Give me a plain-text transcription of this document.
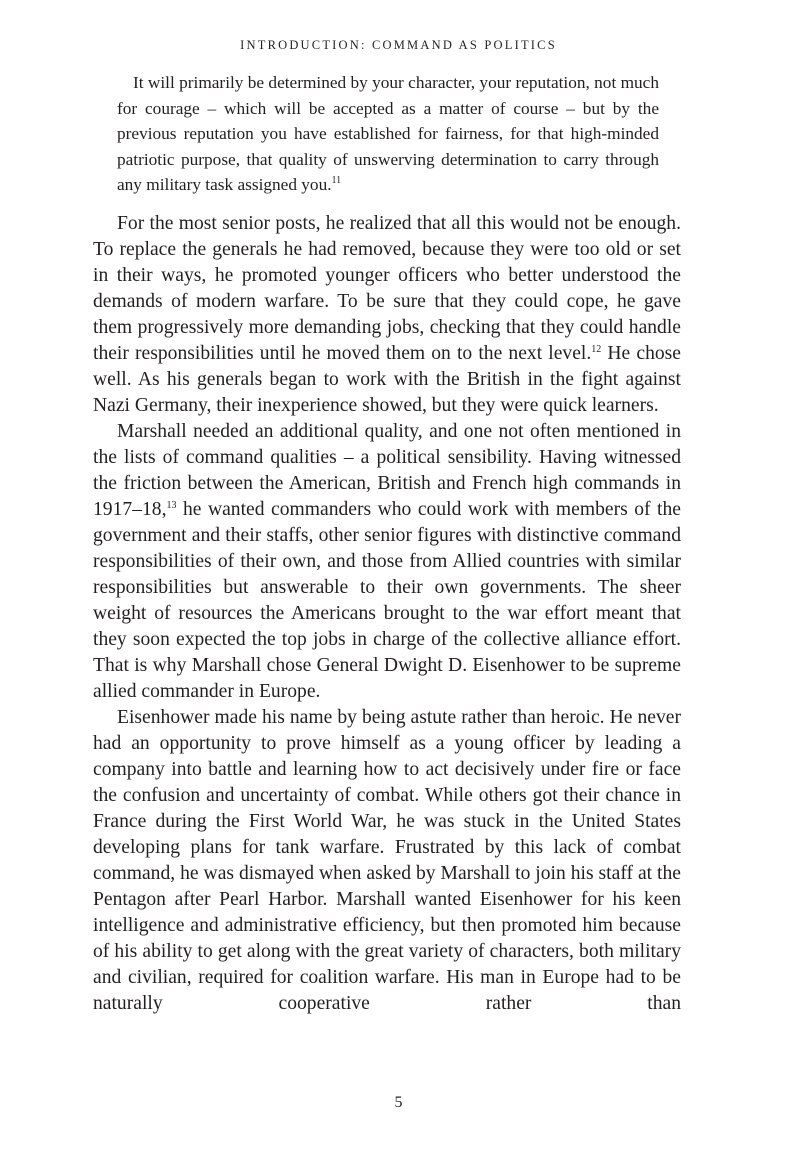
INTRODUCTION: COMMAND AS POLITICS

It will primarily be determined by your character, your reputation, not much for courage – which will be accepted as a matter of course – but by the previous reputation you have established for fairness, for that high-minded patriotic purpose, that quality of unswerving determination to carry through any military task assigned you.$^{11}$

For the most senior posts, he realized that all this would not be enough. To replace the generals he had removed, because they were too old or set in their ways, he promoted younger officers who better understood the demands of modern warfare. To be sure that they could cope, he gave them progressively more demanding jobs, checking that they could handle their responsibilities until he moved them on to the next level.$^{12}$ He chose well. As his generals began to work with the British in the fight against Nazi Germany, their inexperience showed, but they were quick learners.

Marshall needed an additional quality, and one not often mentioned in the lists of command qualities – a political sensibility. Having witnessed the friction between the American, British and French high commands in 1917–18,13 he wanted commanders who could work with members of the government and their staffs, other senior figures with distinctive command responsibilities of their own, and those from Allied countries with similar responsibilities but answerable to their own governments. The sheer weight of resources the Americans brought to the war effort meant that they soon expected the top jobs in charge of the collective alliance effort. That is why Marshall chose General Dwight D. Eisenhower to be supreme allied commander in Europe.

Eisenhower made his name by being astute rather than heroic. He never had an opportunity to prove himself as a young officer by leading a company into battle and learning how to act decisively under fire or face the confusion and uncertainty of combat. While others got their chance in France during the First World War, he was stuck in the United States developing plans for tank warfare. Frustrated by this lack of combat command, he was dismayed when asked by Marshall to join his staff at the Pentagon after Pearl Harbor. Marshall wanted Eisenhower for his keen intelligence and administrative efficiency, but then promoted him because of his ability to get along with the great variety of characters, both military and civilian, required for coalition warfare. His man in Europe had to be naturally cooperative rather than

5
